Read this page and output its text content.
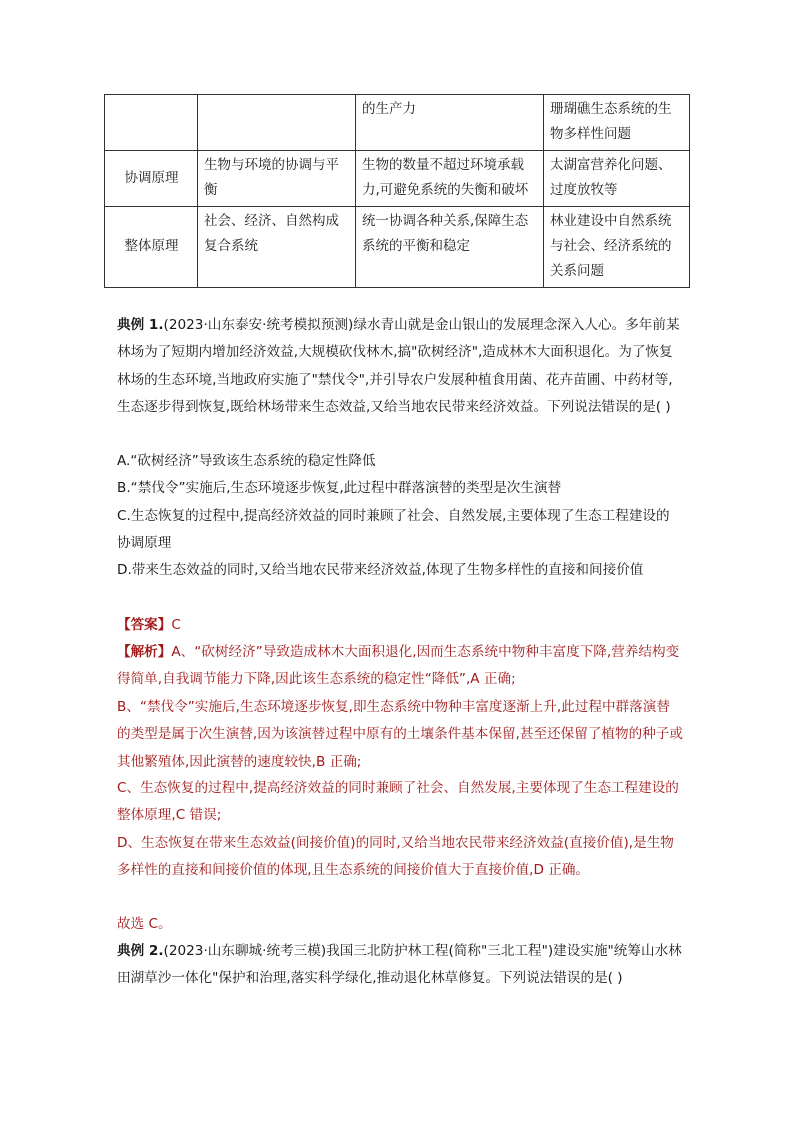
		的生产力	珊瑚礁生态系统的生物多样性问题
协调原理	生物与环境的协调与平衡	生物的数量不超过环境承载力,可避免系统的失衡和破坏	太湖富营养化问题、过度放牧等
整体原理	社会、经济、自然构成复合系统	统一协调各种关系,保障生态系统的平衡和稳定	林业建设中自然系统与社会、经济系统的关系问题

典例 1.(2023·山东泰安·统考模拟预测)绿水青山就是金山银山的发展理念深入人心。多年前某林场为了短期内增加经济效益,大规模砍伐林木,搞"砍树经济",造成林木大面积退化。为了恢复林场的生态环境,当地政府实施了"禁伐令",并引导农户发展种植食用菌、花卉苗圃、中药材等,生态逐步得到恢复,既给林场带来生态效益,又给当地农民带来经济效益。下列说法错误的是( )

A.“砍树经济”导致该生态系统的稳定性降低

B.“禁伐令”实施后,生态环境逐步恢复,此过程中群落演替的类型是次生演替

C.生态恢复的过程中,提高经济效益的同时兼顾了社会、自然发展,主要体现了生态工程建设的协调原理

D.带来生态效益的同时,又给当地农民带来经济效益,体现了生物多样性的直接和间接价值

【答案】C

【解析】A、“砍树经济”导致造成林木大面积退化,因而生态系统中物种丰富度下降,营养结构变得简单,自我调节能力下降,因此该生态系统的稳定性“降低”,A 正确;

B、“禁伐令”实施后,生态环境逐步恢复,即生态系统中物种丰富度逐渐上升,此过程中群落演替的类型是属于次生演替,因为该演替过程中原有的土壤条件基本保留,甚至还保留了植物的种子或其他繁殖体,因此演替的速度较快,B 正确;

C、生态恢复的过程中,提高经济效益的同时兼顾了社会、自然发展,主要体现了生态工程建设的整体原理,C 错误;

D、生态恢复在带来生态效益(间接价值)的同时,又给当地农民带来经济效益(直接价值),是生物多样性的直接和间接价值的体现,且生态系统的间接价值大于直接价值,D 正确。

故选 C。

典例 2.(2023·山东聊城·统考三模)我国三北防护林工程(简称"三北工程")建设实施"统筹山水林田湖草沙一体化"保护和治理,落实科学绿化,推动退化林草修复。下列说法错误的是( )
